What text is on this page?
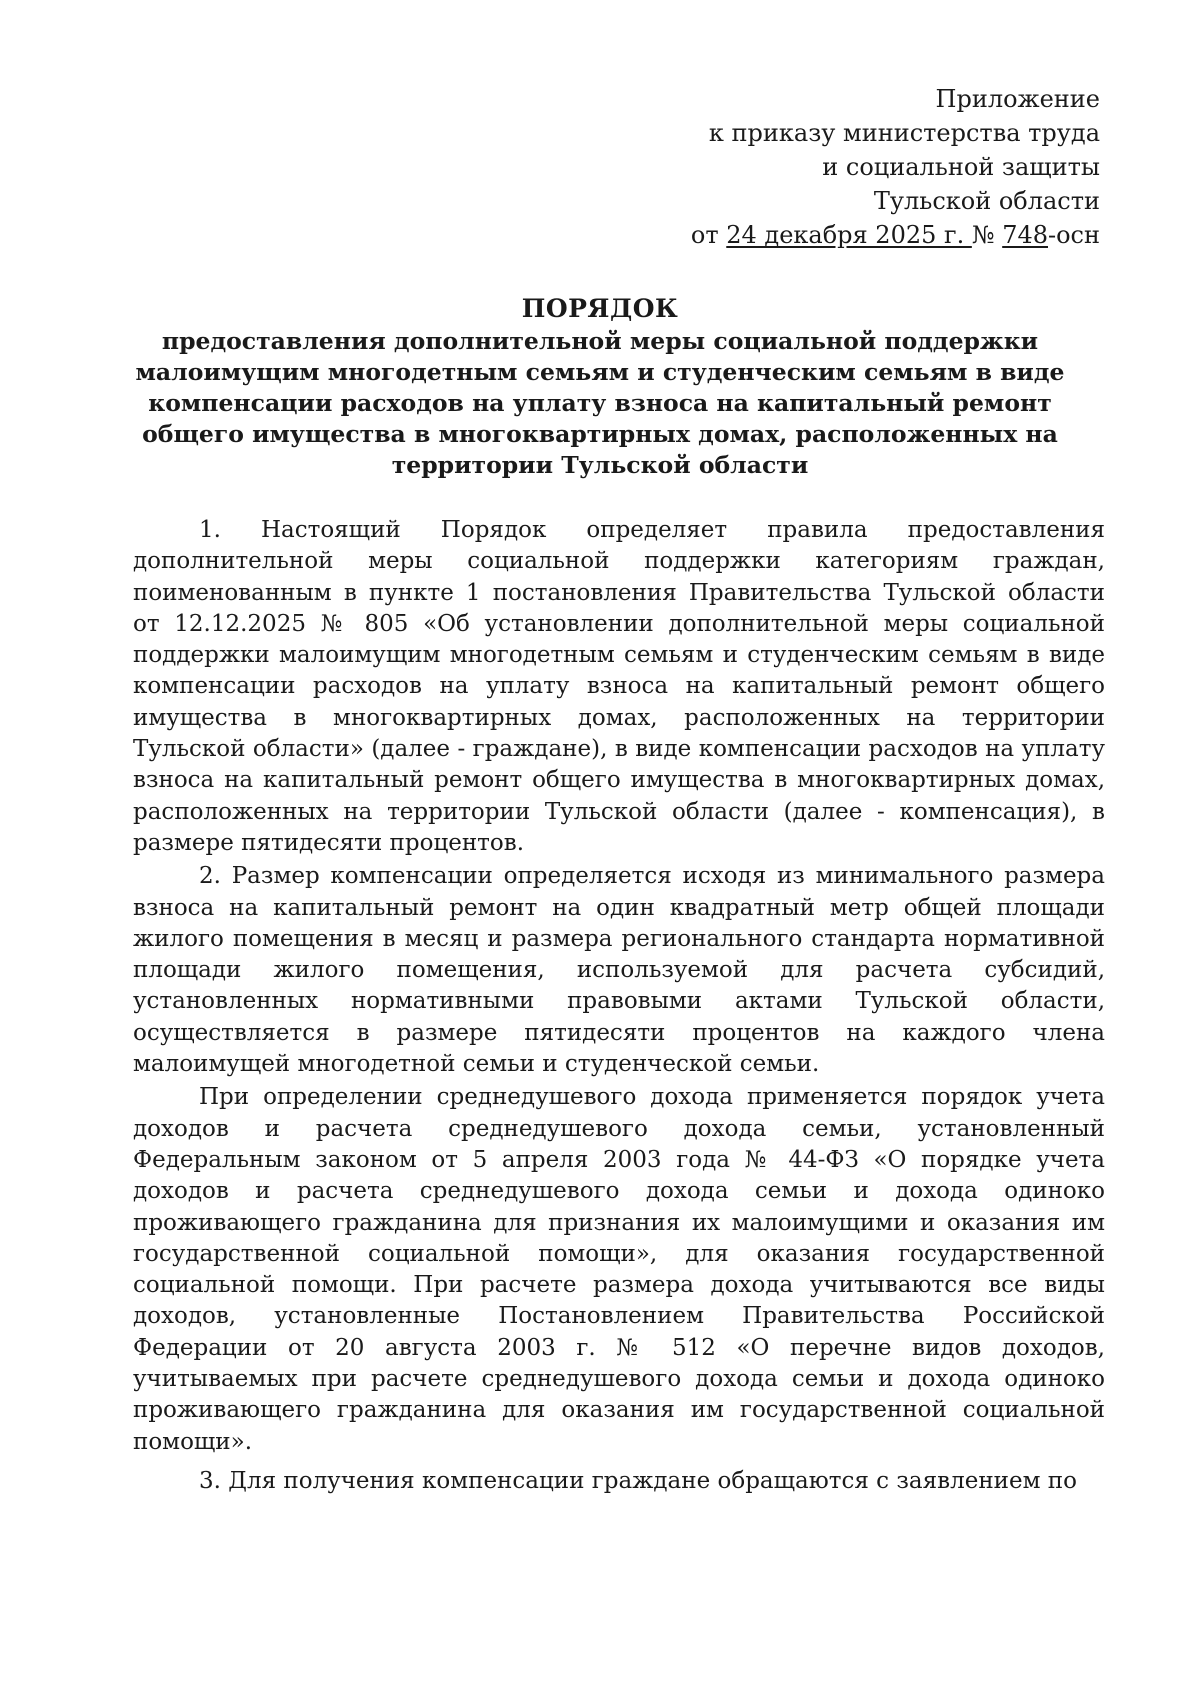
Приложение
к приказу министерства труда
и социальной защиты
Тульской области
от 24 декабря 2025 г. № 748-осн
ПОРЯДОК
предоставления дополнительной меры социальной поддержки малоимущим многодетным семьям и студенческим семьям в виде компенсации расходов на уплату взноса на капитальный ремонт общего имущества в многоквартирных домах, расположенных на территории Тульской области

1. Настоящий Порядок определяет правила предоставления дополнительной меры социальной поддержки категориям граждан, поименованным в пункте 1 постановления Правительства Тульской области от 12.12.2025 № 805 «Об установлении дополнительной меры социальной поддержки малоимущим многодетным семьям и студенческим семьям в виде компенсации расходов на уплату взноса на капитальный ремонт общего имущества в многоквартирных домах, расположенных на территории Тульской области» (далее - граждане), в виде компенсации расходов на уплату взноса на капитальный ремонт общего имущества в многоквартирных домах, расположенных на территории Тульской области (далее - компенсация), в размере пятидесяти процентов.

2. Размер компенсации определяется исходя из минимального размера взноса на капитальный ремонт на один квадратный метр общей площади жилого помещения в месяц и размера регионального стандарта нормативной площади жилого помещения, используемой для расчета субсидий, установленных нормативными правовыми актами Тульской области, осуществляется в размере пятидесяти процентов на каждого члена малоимущей многодетной семьи и студенческой семьи.

При определении среднедушевого дохода применяется порядок учета доходов и расчета среднедушевого дохода семьи, установленный Федеральным законом от 5 апреля 2003 года № 44-ФЗ «О порядке учета доходов и расчета среднедушевого дохода семьи и дохода одиноко проживающего гражданина для признания их малоимущими и оказания им государственной социальной помощи», для оказания государственной социальной помощи. При расчете размера дохода учитываются все виды доходов, установленные Постановлением Правительства Российской Федерации от 20 августа 2003 г. № 512 «О перечне видов доходов, учитываемых при расчете среднедушевого дохода семьи и дохода одиноко проживающего гражданина для оказания им государственной социальной помощи».

3. Для получения компенсации граждане обращаются с заявлением по
